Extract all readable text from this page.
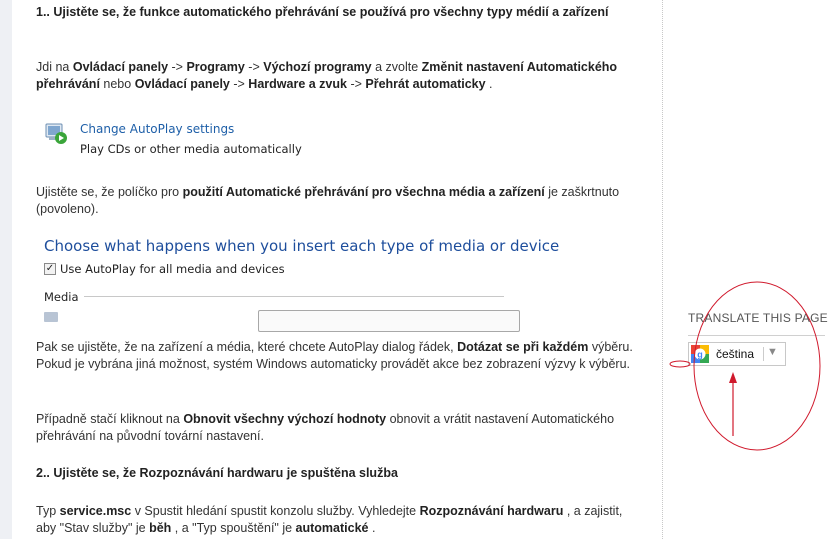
1.. Ujistěte se, že funkce automatického přehrávání se používá pro všechny typy médií a zařízení

Jdi na Ovládací panely -> Programy -> Výchozí programy a zvolte Změnit nastavení Automatického přehrávání nebo Ovládací panely -> Hardware a zvuk -> Přehrát automaticky .

Change AutoPlay settings
Play CDs or other media automatically

Ujistěte se, že políčko pro použití Automatické přehrávání pro všechna média a zařízení je zaškrtnuto (povoleno).

Choose what happens when you insert each type of media or device
✓ Use AutoPlay for all media and devices
Media

Pak se ujistěte, že na zařízení a média, které chcete AutoPlay dialog řádek, Dotázat se při každém výběru. Pokud je vybrána jiná možnost, systém Windows automaticky provádět akce bez zobrazení výzvy k výběru.

Případně stačí kliknout na Obnovit všechny výchozí hodnoty obnovit a vrátit nastavení Automatického přehrávání na původní tovární nastavení.

2.. Ujistěte se, že Rozpoznávání hardwaru je spuštěna služba

Typ service.msc v Spustit hledání spustit konzolu služby. Vyhledejte Rozpoznávání hardwaru , a zajistit, aby "Stav služby" je běh , a "Typ spouštění" je automatické .

TRANSLATE THIS PAGE
g čeština ▼
